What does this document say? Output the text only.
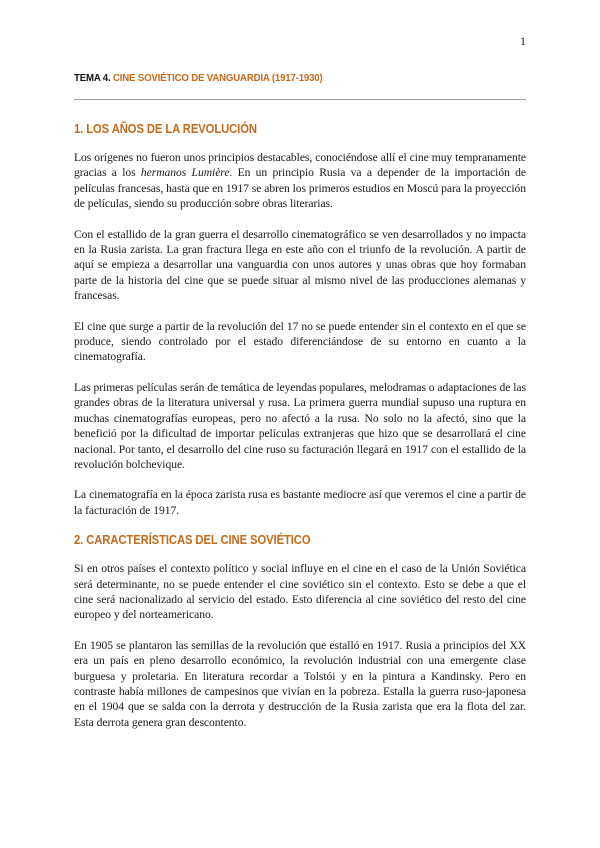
1
TEMA 4. CINE SOVIÉTICO DE VANGUARDIA (1917-1930)
1. LOS AÑOS DE LA REVOLUCIÓN

Los orígenes no fueron unos principios destacables, conociéndose allí el cine muy tempranamente gracias a los hermanos Lumière. En un principio Rusia va a depender de la importación de películas francesas, hasta que en 1917 se abren los primeros estudios en Moscú para la proyección de películas, siendo su producción sobre obras literarias.

Con el estallido de la gran guerra el desarrollo cinematográfico se ven desarrollados y no impacta en la Rusia zarista. La gran fractura llega en este año con el triunfo de la revolución. A partir de aquí se empieza a desarrollar una vanguardia con unos autores y unas obras que hoy formaban parte de la historia del cine que se puede situar al mismo nivel de las producciones alemanas y francesas.

El cine que surge a partir de la revolución del 17 no se puede entender sin el contexto en el que se produce, siendo controlado por el estado diferenciándose de su entorno en cuanto a la cinematografía.

Las primeras películas serán de temática de leyendas populares, melodramas o adaptaciones de las grandes obras de la literatura universal y rusa. La primera guerra mundial supuso una ruptura en muchas cinematografías europeas, pero no afectó a la rusa. No solo no la afectó, sino que la benefició por la dificultad de importar películas extranjeras que hizo que se desarrollará el cine nacional. Por tanto, el desarrollo del cine ruso su facturación llegará en 1917 con el estallido de la revolución bolchevique.

La cinematografía en la época zarista rusa es bastante mediocre así que veremos el cine a partir de la facturación de 1917.

2. CARACTERÍSTICAS DEL CINE SOVIÉTICO

Si en otros países el contexto político y social influye en el cine en el caso de la Unión Soviética será determinante, no se puede entender el cine soviético sin el contexto. Esto se debe a que el cine será nacionalizado al servicio del estado. Esto diferencia al cine soviético del resto del cine europeo y del norteamericano.

En 1905 se plantaron las semillas de la revolución que estalló en 1917. Rusia a principios del XX era un país en pleno desarrollo económico, la revolución industrial con una emergente clase burguesa y proletaria. En literatura recordar a Tolstói y en la pintura a Kandinsky. Pero en contraste había millones de campesinos que vivían en la pobreza. Estalla la guerra ruso-japonesa en el 1904 que se salda con la derrota y destrucción de la Rusia zarista que era la flota del zar. Esta derrota genera gran descontento.
